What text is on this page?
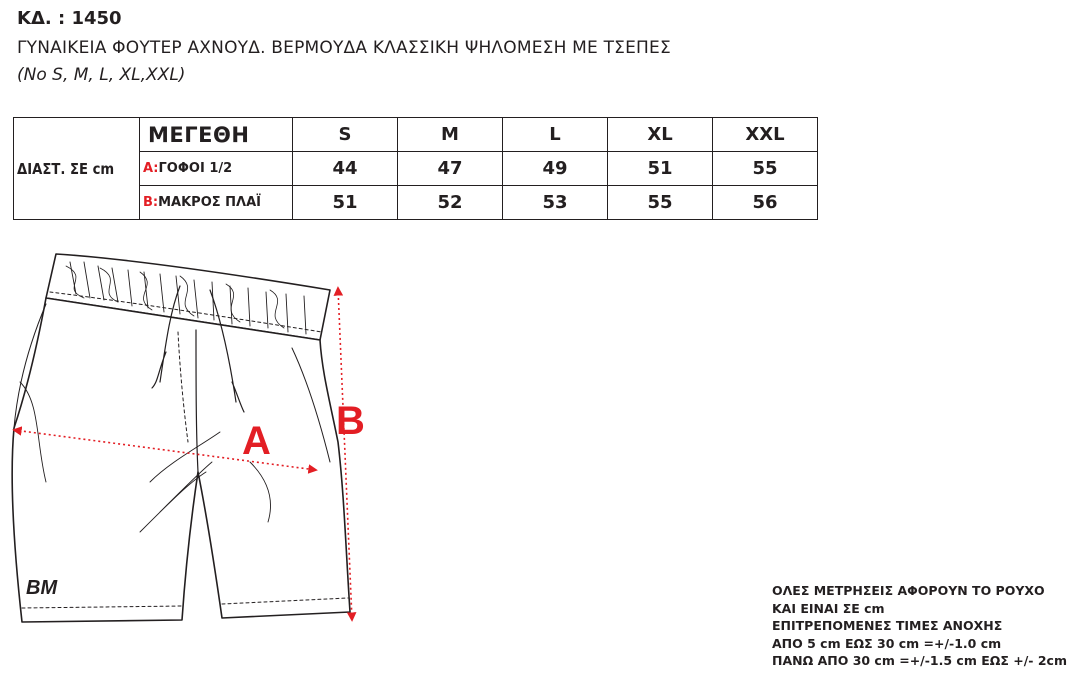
ΚΔ. : 1450
ΓΥΝΑΙΚΕΙΑ ΦΟΥΤΕΡ ΑΧΝΟΥΔ. ΒΕΡΜΟΥΔΑ ΚΛΑΣΣΙΚΗ ΨΗΛΟΜΕΣΗ ΜΕ ΤΣΕΠΕΣ
(No S, M, L, XL,XXL)
ΔΙΑΣΤ. ΣΕ cm	ΜΕΓΕΘΗ	S	M	L	XL	XXL
	A:ΓΟΦΟΙ 1/2	44	47	49	51	55
	B:ΜΑΚΡΟΣ ΠΛΑΪ	51	52	53	55	56
A B
BM	ΟΛΕΣ ΜΕΤΡΗΣΕΙΣ ΑΦΟΡΟΥΝ ΤΟ ΡΟΥΧΟ
ΚΑΙ ΕΙΝΑΙ ΣΕ cm
ΕΠΙΤΡΕΠΟΜΕΝΕΣ ΤΙΜΕΣ ΑΝΟΧΗΣ
ΑΠΟ 5 cm ΕΩΣ 30 cm =+/-1.0 cm
ΠΑΝΩ ΑΠΟ 30 cm =+/-1.5 cm ΕΩΣ +/- 2cm
